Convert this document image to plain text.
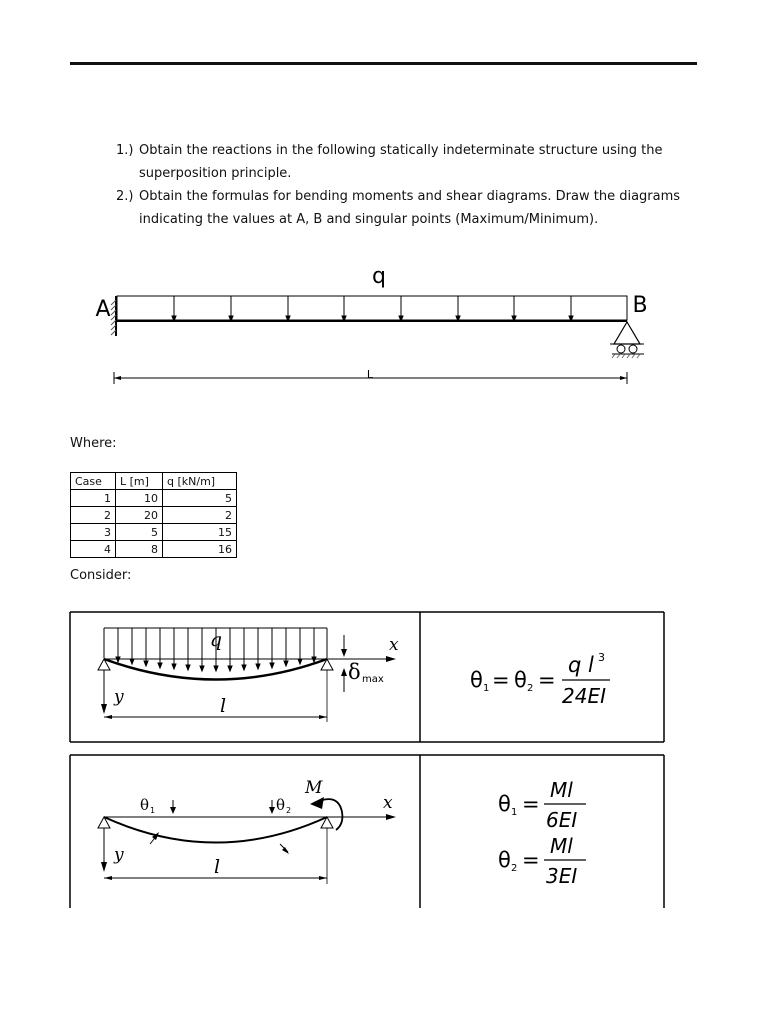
1.) Obtain the reactions in the following statically indeterminate structure using the
superposition principle.
2.) Obtain the formulas for bending moments and shear diagrams. Draw the diagrams
indicating the values at A, B and singular points (Maximum/Minimum).
q
A	B
L
Where:
Case	L [m]	q [kN/m]
1	10	5
2	20	2
3	5	15
4	8	16
Consider:
q	x
y	l
δ max	θ 1 = θ 2 =
q l 3
24EI
θ 1	θ 2
M
x
y
l
θ 1 =
Ml
6EI
θ 2 =
Ml
3EI
